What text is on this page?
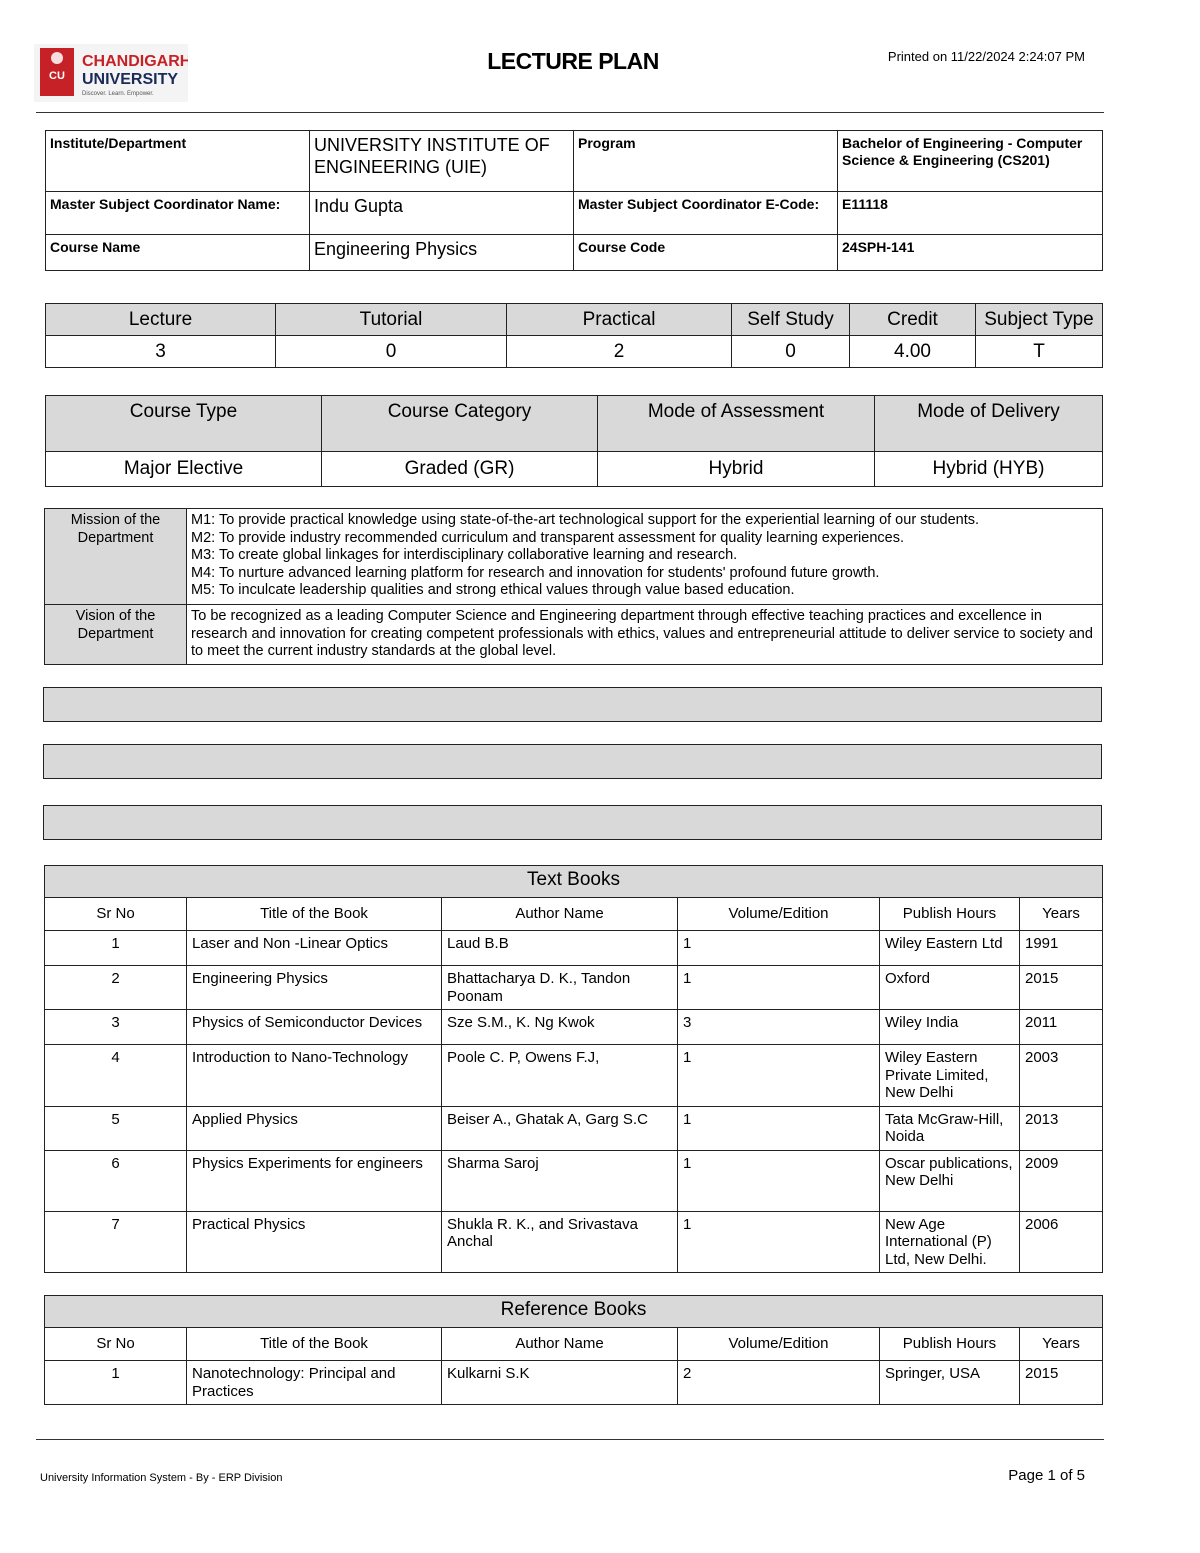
CU
CHANDIGARH
UNIVERSITY
Discover. Learn. Empower.
LECTURE PLAN	Printed on 11/22/2024 2:24:07 PM
Institute/Department	UNIVERSITY INSTITUTE OF ENGINEERING (UIE)	Program	Bachelor of Engineering - Computer Science & Engineering (CS201)
Master Subject Coordinator Name:	Indu Gupta	Master Subject Coordinator E-Code:	E11118
Course Name	Engineering Physics	Course Code	24SPH-141
Lecture	Tutorial	Practical	Self Study	Credit	Subject Type
3	0	2	0	4.00	T
Course Type	Course Category	Mode of Assessment	Mode of Delivery
Major Elective	Graded (GR)	Hybrid	Hybrid (HYB)
Mission of the Department	M1: To provide practical knowledge using state-of-the-art technological support for the experiential learning of our students.
M2: To provide industry recommended curriculum and transparent assessment for quality learning experiences.
M3: To create global linkages for interdisciplinary collaborative learning and research.
M4: To nurture advanced learning platform for research and innovation for students' profound future growth.
M5: To inculcate leadership qualities and strong ethical values through value based education.

Vision of the Department	To be recognized as a leading Computer Science and Engineering department through effective teaching practices and excellence in research and innovation for creating competent professionals with ethics, values and entrepreneurial attitude to deliver service to society and to meet the current industry standards at the global level.
Text Books					
Sr No	Title of the Book	Author Name	Volume/Edition	Publish Hours	Years
1	Laser and Non -Linear Optics	Laud B.B	1	Wiley Eastern Ltd	1991
2	Engineering Physics	Bhattacharya D. K., Tandon Poonam	1	Oxford	2015
3	Physics of Semiconductor Devices	Sze S.M., K. Ng Kwok	3	Wiley India	2011
4	Introduction to Nano-Technology	Poole C. P, Owens F.J,	1	Wiley Eastern Private Limited, New Delhi	2003
5	Applied Physics	Beiser A., Ghatak A, Garg S.C	1	Tata McGraw-Hill, Noida	2013
6	Physics Experiments for engineers	Sharma Saroj	1	Oscar publications, New Delhi	2009
7	Practical Physics	Shukla R. K., and Srivastava Anchal	1	New Age International (P) Ltd, New Delhi.	2006
Reference Books					
Sr No	Title of the Book	Author Name	Volume/Edition	Publish Hours	Years
1	Nanotechnology: Principal and Practices	Kulkarni S.K	2	Springer, USA	2015
University Information System - By - ERP Division	Page 1 of 5
